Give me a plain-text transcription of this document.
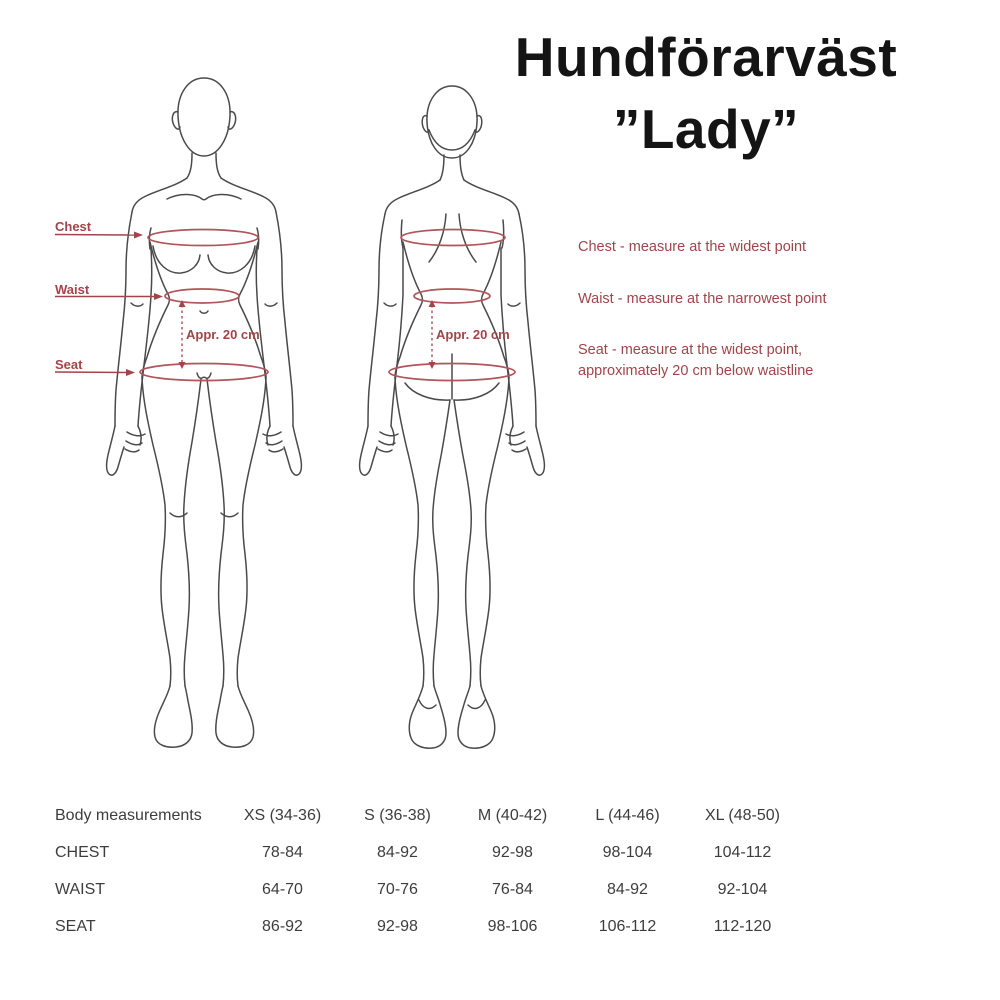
Hundförarväst
”Lady”
Chest
Waist
Seat
Appr. 20 cm	Appr. 20 cm

Chest - measure at the widest point

Waist - measure at the narrowest point

Seat - measure at the widest point, approximately 20 cm below waistline

Body measurements	XS (34-36)	S (36-38)	M (40-42)	L (44-46)	XL (48-50)
CHEST	78-84	84-92	92-98	98-104	104-112
WAIST	64-70	70-76	76-84	84-92	92-104
SEAT	86-92	92-98	98-106	106-112	112-120
